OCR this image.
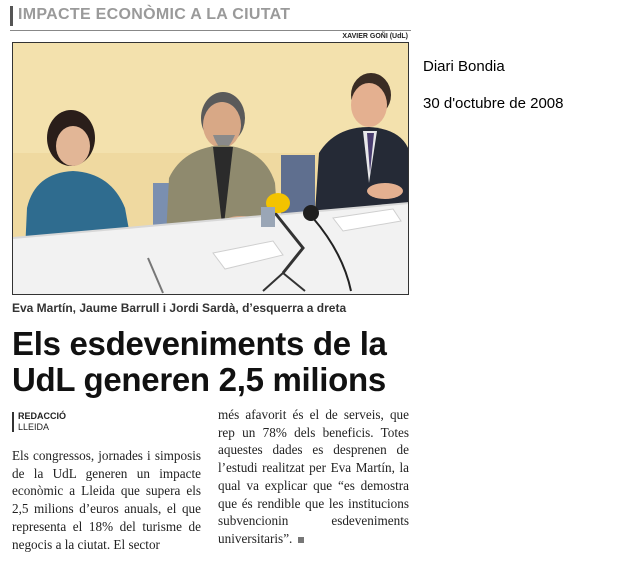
IMPACTE ECONÒMIC A LA CIUTAT
XAVIER GOÑI (UdL)
Diari Bondia
30 d'octubre de 2008
Eva Martín, Jaume Barrull i Jordi Sardà, d’esquerra a dreta
Els esdeveniments de la
UdL generen 2,5 milions
REDACCIÓ
LLEIDA
Els congressos, jornades i simposis de la UdL generen un impacte econòmic a Lleida que supera els 2,5 milions d’euros anuals, el que representa el 18% del turisme de negocis a la ciutat. El sector
més afavorit és el de serveis, que rep un 78% dels beneficis. Totes aquestes dades es desprenen de l’estudi realitzat per Eva Martín, la qual va explicar que “es demostra que és rendible que les institucions subvencionin esdeveniments universitaris”.
